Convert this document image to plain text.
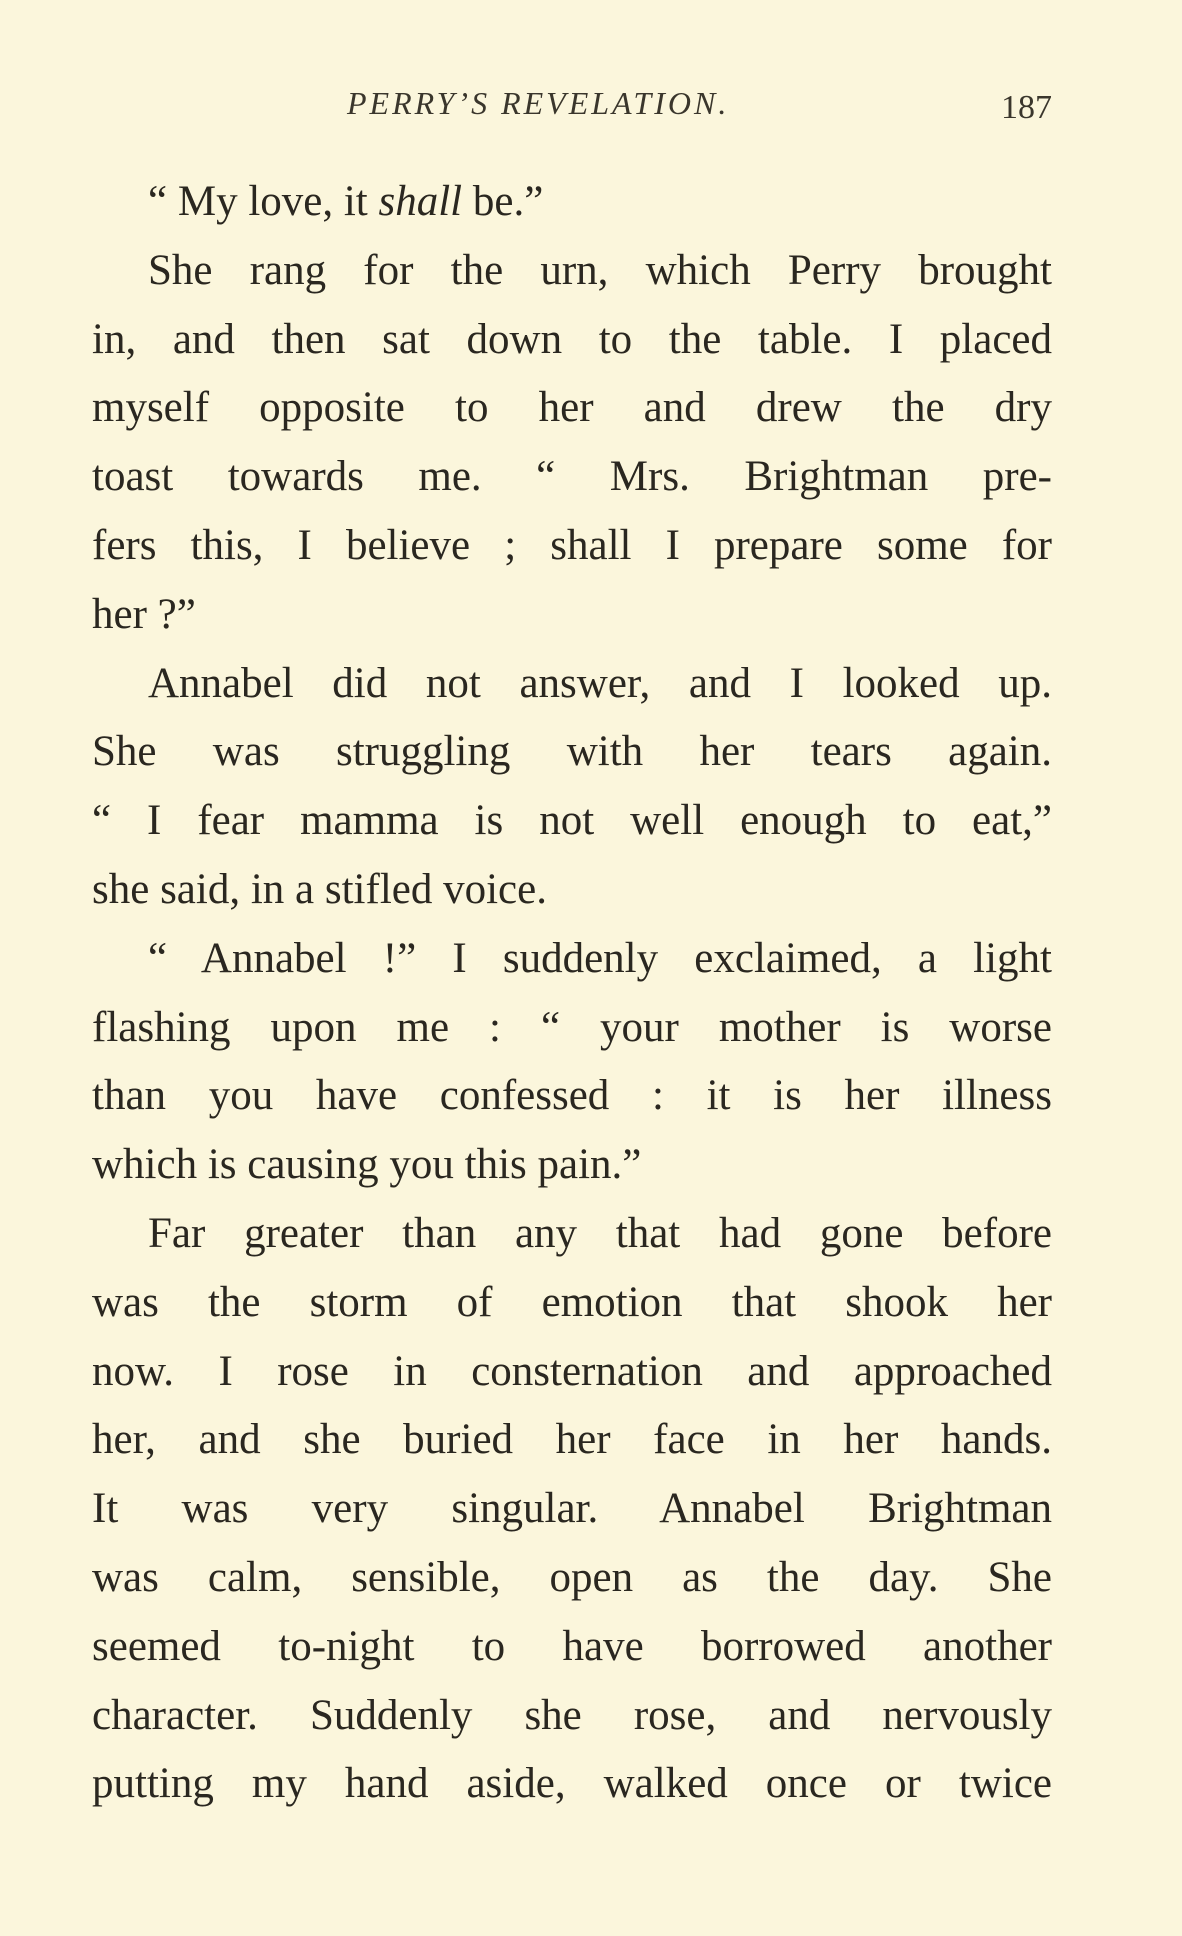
PERRY’S REVELATION.	187
“ My love, it shall be.”
She rang for the urn, which Perry brought
in, and then sat down to the table. I placed
myself opposite to her and drew the dry
toast towards me. “ Mrs. Brightman pre-
fers this, I believe ; shall I prepare some for
her ?”
Annabel did not answer, and I looked up.
She was struggling with her tears again.
“ I fear mamma is not well enough to eat,”
she said, in a stifled voice.
“ Annabel !” I suddenly exclaimed, a light
flashing upon me : “ your mother is worse
than you have confessed : it is her illness
which is causing you this pain.”
Far greater than any that had gone before
was the storm of emotion that shook her
now. I rose in consternation and approached
her, and she buried her face in her hands.
It was very singular. Annabel Brightman
was calm, sensible, open as the day. She
seemed to-night to have borrowed another
character. Suddenly she rose, and nervously
putting my hand aside, walked once or twice
